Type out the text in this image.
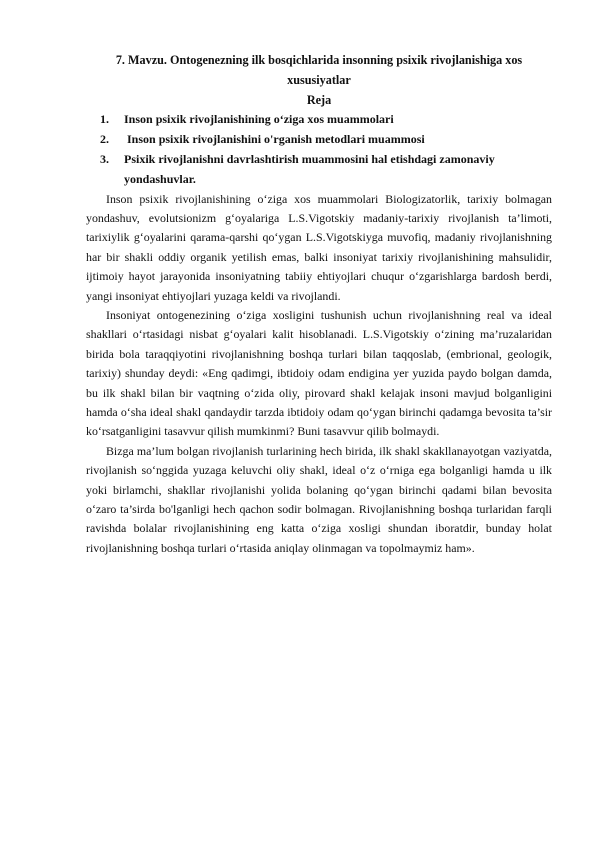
7. Mavzu. Ontogenezning ilk bosqichlarida insonning psixik rivojlanishiga xos xususiyatlar
Reja
1. Inson psixik rivojlanishining o‘ziga xos muammolari
2. Inson psixik rivojlanishini o'rganish metodlari muammosi
3. Psixik rivojlanishni davrlashtirish muammosini hal etishdagi zamonaviy yondashuvlar.

Inson psixik rivojlanishining o‘ziga xos muammolari Biologizatorlik, tarixiy bolmagan yondashuv, evolutsionizm g‘oyalariga L.S.Vigotskiy madaniy-tarixiy rivojlanish ta’limoti, tarixiylik g‘oyalarini qarama-qarshi qo‘ygan L.S.Vigotskiyga muvofiq, madaniy rivojlanishning har bir shakli oddiy organik yetilish emas, balki insoniyat tarixiy rivojlanishining mahsulidir, ijtimoiy hayot jarayonida insoniyatning tabiiy ehtiyojlari chuqur o‘zgarishlarga bardosh berdi, yangi insoniyat ehtiyojlari yuzaga keldi va rivojlandi.

Insoniyat ontogenezining o‘ziga xosligini tushunish uchun rivojlanishning real va ideal shakllari o‘rtasidagi nisbat g‘oyalari kalit hisoblanadi. L.S.Vigotskiy o‘zining ma’ruzalaridan birida bola taraqqiyotini rivojlanishning boshqa turlari bilan taqqoslab, (embrional, geologik, tarixiy) shunday deydi: «Eng qadimgi, ibtidoiy odam endigina yer yuzida paydo bolgan damda, bu ilk shakl bilan bir vaqtning o‘zida oliy, pirovard shakl kelajak insoni mavjud bolganligini hamda o‘sha ideal shakl qandaydir tarzda ibtidoiy odam qo‘ygan birinchi qadamga bevosita ta’sir ko‘rsatganligini tasavvur qilish mumkinmi? Buni tasavvur qilib bolmaydi.

Bizga ma’lum bolgan rivojlanish turlarining hech birida, ilk shakl skakllanayotgan vaziyatda, rivojlanish so‘nggida yuzaga keluvchi oliy shakl, ideal o‘z o‘rniga ega bolganligi hamda u ilk yoki birlamchi, shakllar rivojlanishi yolida bolaning qo‘ygan birinchi qadami bilan bevosita o‘zaro ta’sirda bo'lganligi hech qachon sodir bolmagan. Rivojlanishning boshqa turlaridan farqli ravishda bolalar rivojlanishining eng katta o‘ziga xosligi shundan iboratdir, bunday holat rivojlanishning boshqa turlari o‘rtasida aniqlay olinmagan va topolmaymiz ham».
